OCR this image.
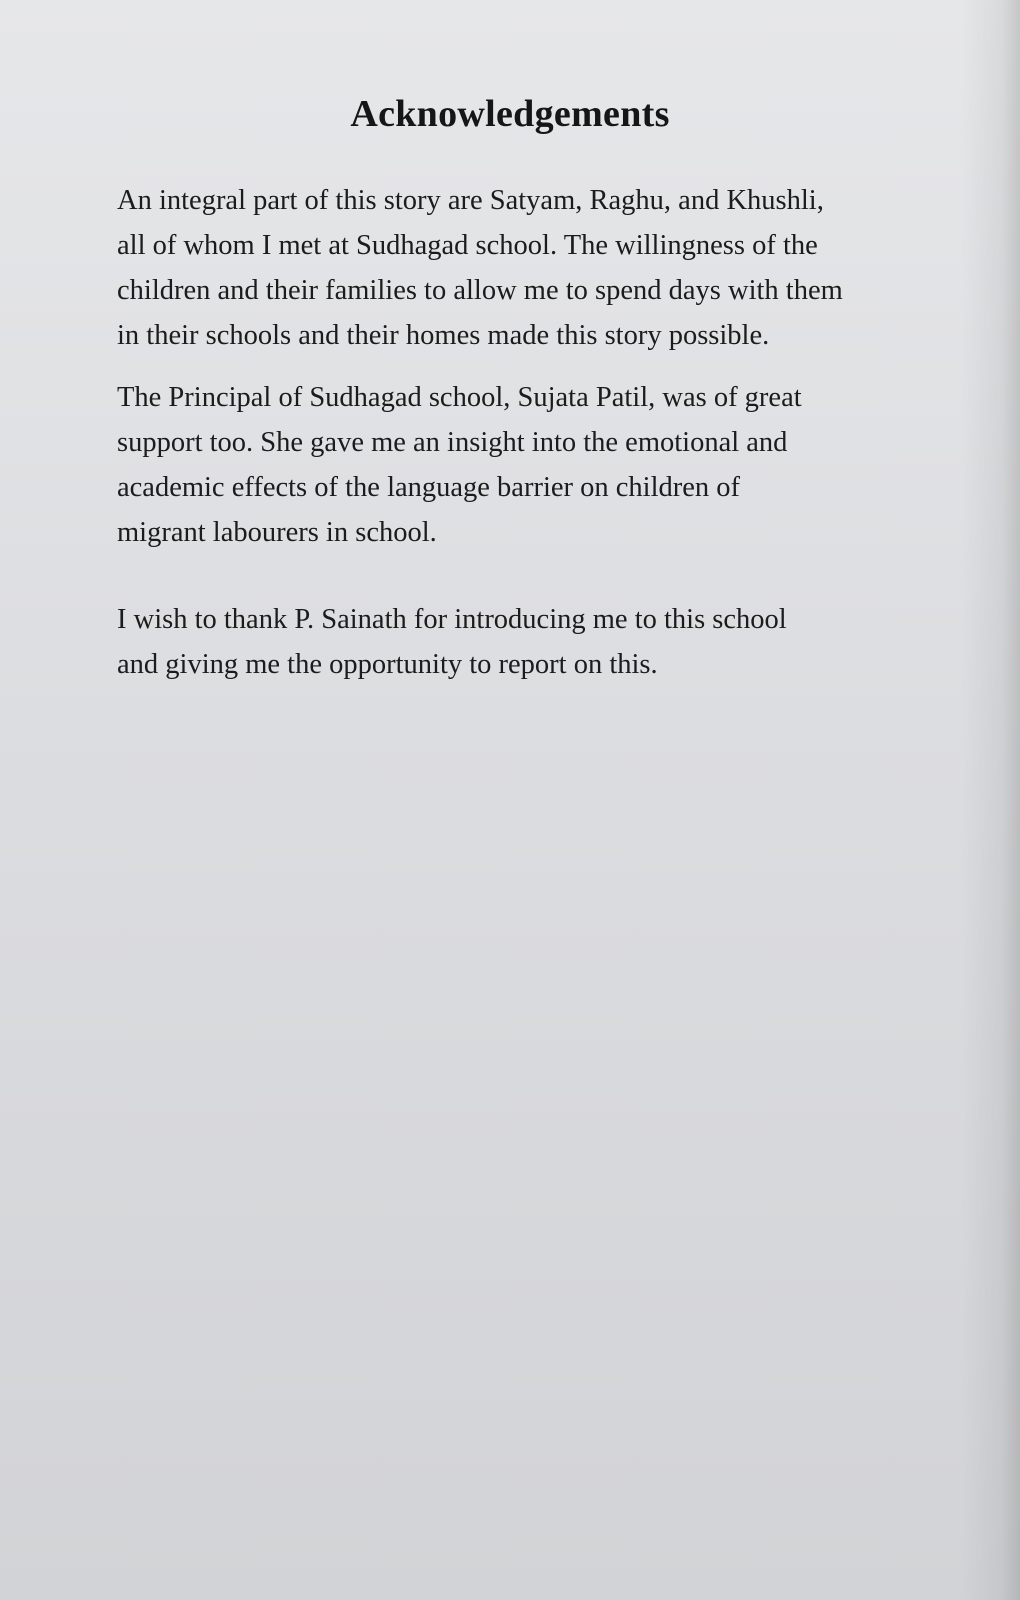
Acknowledgements
An integral part of this story are Satyam, Raghu, and Khushli,
all of whom I met at Sudhagad school. The willingness of the
children and their families to allow me to spend days with them
in their schools and their homes made this story possible.
The Principal of Sudhagad school, Sujata Patil, was of great
support too. She gave me an insight into the emotional and
academic effects of the language barrier on children of
migrant labourers in school.
I wish to thank P. Sainath for introducing me to this school
and giving me the opportunity to report on this.
